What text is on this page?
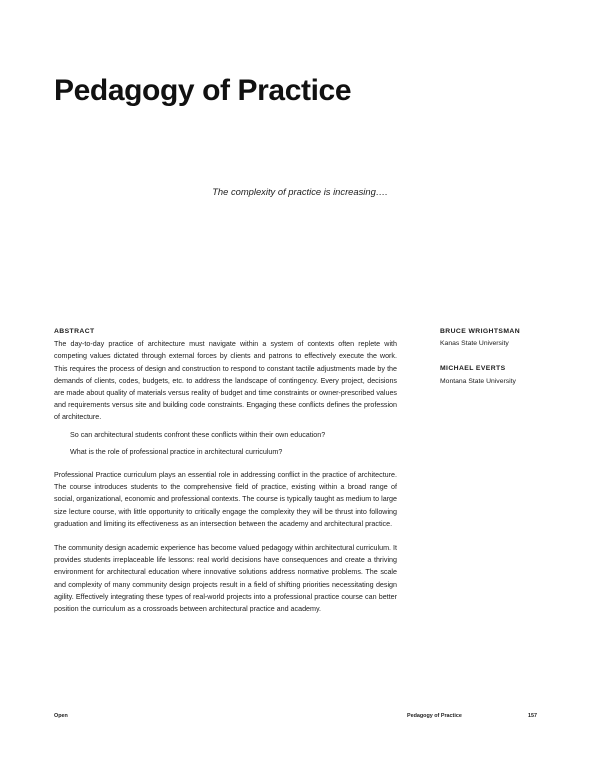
Pedagogy of Practice
The complexity of practice is increasing….
ABSTRACT

The day-to-day practice of architecture must navigate within a system of contexts often replete with competing values dictated through external forces by clients and patrons to effectively execute the work. This requires the process of design and construction to respond to constant tactile adjustments made by the demands of clients, codes, budgets, etc. to address the landscape of contingency. Every project, decisions are made about quality of materials versus reality of budget and time constraints or owner-prescribed values and requirements versus site and building code constraints. Engaging these conflicts defines the profession of architecture.

So can architectural students confront these conflicts within their own education?

What is the role of professional practice in architectural curriculum?

Professional Practice curriculum plays an essential role in addressing conflict in the practice of architecture. The course introduces students to the comprehensive field of practice, existing within a broad range of social, organizational, economic and professional contexts. The course is typically taught as medium to large size lecture course, with little opportunity to critically engage the complexity they will be thrust into following graduation and limiting its effectiveness as an intersection between the academy and architectural practice.

The community design academic experience has become valued pedagogy within architectural curriculum. It provides students irreplaceable life lessons: real world decisions have consequences and create a thriving environment for architectural education where innovative solutions address normative problems. The scale and complexity of many community design projects result in a field of shifting priorities necessitating design agility. Effectively integrating these types of real-world projects into a professional practice course can better position the curriculum as a crossroads between architectural practice and academy.

BRUCE WRIGHTSMAN
Kanas State University
MICHAEL EVERTS
Montana State University
Open	Pedagogy of Practice	157
